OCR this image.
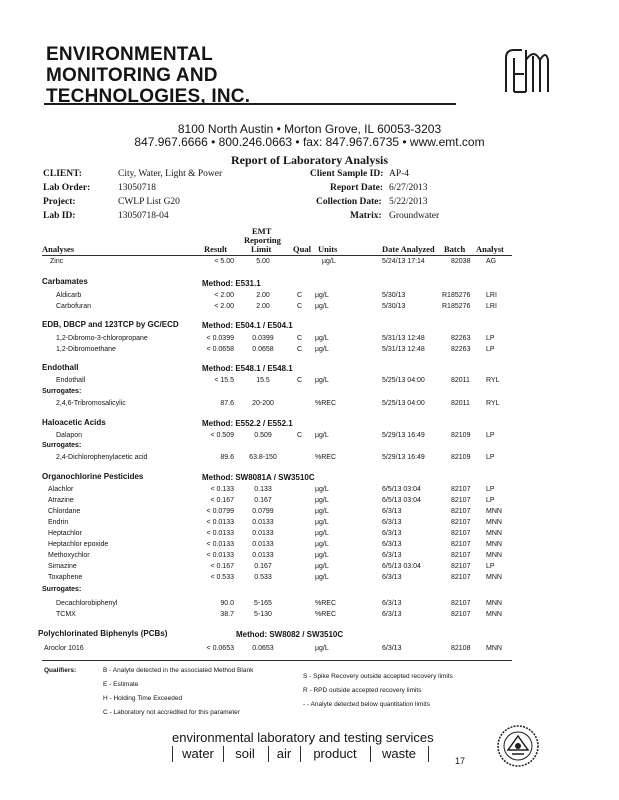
ENVIRONMENTAL
MONITORING AND
TECHNOLOGIES, INC.
8100 North Austin • Morton Grove, IL 60053-3203
847.967.6666 • 800.246.0663 • fax: 847.967.6735 • www.emt.com
Report of Laboratory Analysis
CLIENT:	City, Water, Light & Power
Lab Order:	13050718
Project:	CWLP List G20
Lab ID:	13050718-04
Client Sample ID: AP-4
Report Date: 6/27/2013
Collection Date: 5/22/2013
Matrix: Groundwater
EMT
Reporting
Limit
Analyses	Result	Qual Units	Date Analyzed Batch Analyst
Zinc	< 5.00	5.00	µg/L	5/24/13 17:14	82038 AG
Carbamates	Method: E531.1
Aldicarb	< 2.00	2.00	C µg/L	5/30/13	R185276 LRI
Carbofuran	< 2.00	2.00	C µg/L	5/30/13	R185276 LRI
EDB, DBCP and 123TCP by GC/ECD	Method: E504.1 / E504.1
1,2-Dibromo-3-chloropropane	< 0.0399	0.0399	C µg/L	5/31/13 12:48	82263 LP
1,2-Dibromoethane	< 0.0658	0.0658	C µg/L	5/31/13 12:48	82263 LP
Endothall	Method: E548.1 / E548.1
Endothall	< 15.5	15.5	C µg/L	5/25/13 04:00	82011 RYL
Surrogates:
2,4,6-Tribromosalicylic	87.6	20-200	%REC	5/25/13 04:00	82011 RYL
Haloacetic Acids	Method: E552.2 / E552.1
Dalapon	< 0.509	0.509	C µg/L	5/29/13 16:49	82109 LP
Surrogates:
2,4-Dichlorophenylacetic acid	89.6	63.8-150	%REC	5/29/13 16:49	82109 LP
Organochlorine Pesticides	Method: SW8081A / SW3510C
Alachlor	< 0.133	0.133	µg/L	6/5/13 03:04	82107 LP
Atrazine	< 0.167	0.167	µg/L	6/5/13 03:04	82107 LP
Chlordane	< 0.0799	0.0799	µg/L	6/3/13	82107 MNN
Endrin	< 0.0133	0.0133	µg/L	6/3/13	82107 MNN
Heptachlor	< 0.0133	0.0133	µg/L	6/3/13	82107 MNN
Heptachlor epoxide	< 0.0133	0.0133	µg/L	6/3/13	82107 MNN
Methoxychlor	< 0.0133	0.0133	µg/L	6/3/13	82107 MNN
Simazine	< 0.167	0.167	µg/L	6/5/13 03:04	82107 LP
Toxaphene	< 0.533	0.533	µg/L	6/3/13	82107 MNN
Surrogates:
Decachlorobiphenyl	90.0	5-165	%REC	6/3/13	82107 MNN
TCMX	38.7	5-130	%REC	6/3/13	82107 MNN
Polychlorinated Biphenyls (PCBs)	Method: SW8082 / SW3510C
Aroclor 1016	< 0.0653	0.0653	µg/L	6/3/13	82108 MNN
Qualifiers:	B - Analyte detected in the associated Method Blank
E - Estimate
H - Holding Time Exceeded
C - Laboratory not accredited for this parameter
S - Spike Recovery outside accepted recovery limits
R - RPD outside accepted recovery limits
- - Analyte detected below quantitation limits
environmental laboratory and testing services
water	soil	air	product	waste	17
